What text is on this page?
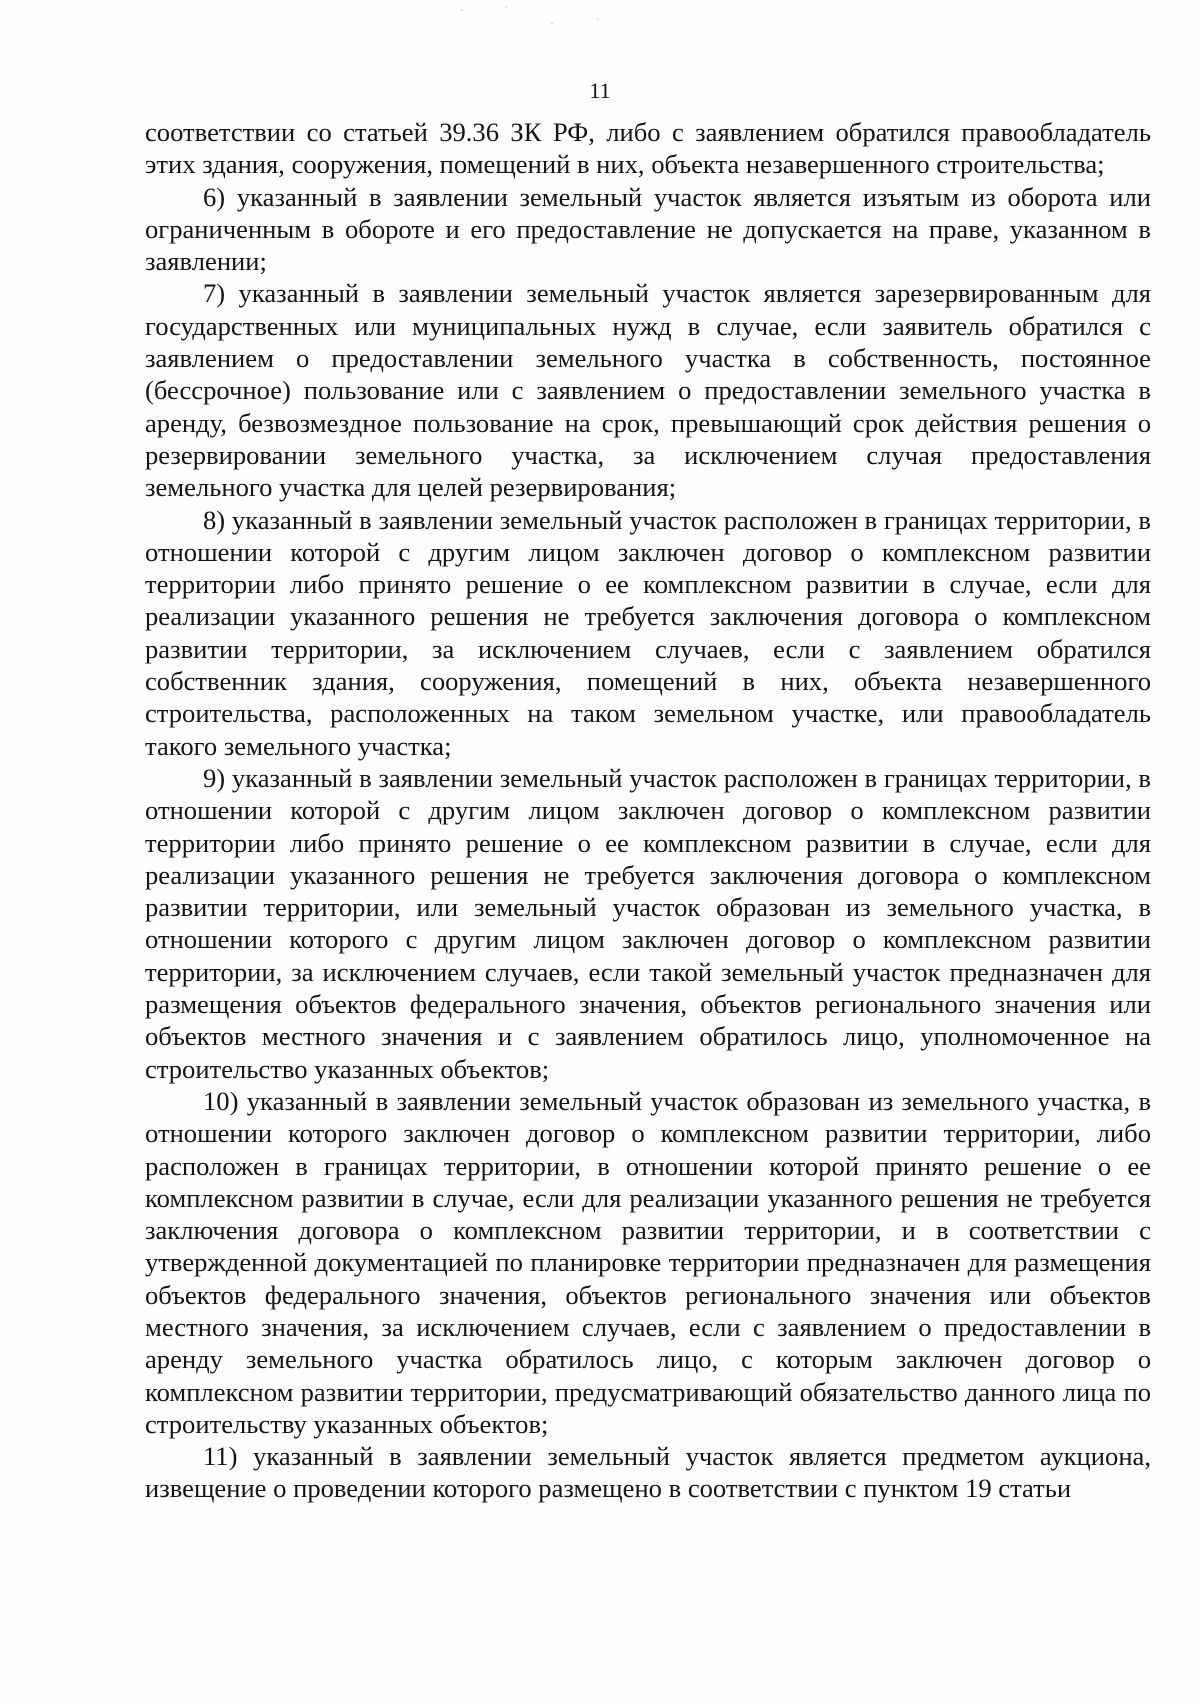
11

соответствии со статьей 39.36 ЗК РФ, либо с заявлением обратился правообладатель этих здания, сооружения, помещений в них, объекта незавершенного строительства;

6) указанный в заявлении земельный участок является изъятым из оборота или ограниченным в обороте и его предоставление не допускается на праве, указанном в заявлении;

7) указанный в заявлении земельный участок является зарезервированным для государственных или муниципальных нужд в случае, если заявитель обратился с заявлением о предоставлении земельного участка в собственность, постоянное (бессрочное) пользование или с заявлением о предоставлении земельного участка в аренду, безвозмездное пользование на срок, превышающий срок действия решения о резервировании земельного участка, за исключением случая предоставления земельного участка для целей резервирования;

8) указанный в заявлении земельный участок расположен в границах территории, в отношении которой с другим лицом заключен договор о комплексном развитии территории либо принято решение о ее комплексном развитии в случае, если для реализации указанного решения не требуется заключения договора о комплексном развитии территории, за исключением случаев, если с заявлением обратился собственник здания, сооружения, помещений в них, объекта незавершенного строительства, расположенных на таком земельном участке, или правообладатель такого земельного участка;

9) указанный в заявлении земельный участок расположен в границах территории, в отношении которой с другим лицом заключен договор о комплексном развитии территории либо принято решение о ее комплексном развитии в случае, если для реализации указанного решения не требуется заключения договора о комплексном развитии территории, или земельный участок образован из земельного участка, в отношении которого с другим лицом заключен договор о комплексном развитии территории, за исключением случаев, если такой земельный участок предназначен для размещения объектов федерального значения, объектов регионального значения или объектов местного значения и с заявлением обратилось лицо, уполномоченное на строительство указанных объектов;

10) указанный в заявлении земельный участок образован из земельного участка, в отношении которого заключен договор о комплексном развитии территории, либо расположен в границах территории, в отношении которой принято решение о ее комплексном развитии в случае, если для реализации указанного решения не требуется заключения договора о комплексном развитии территории, и в соответствии с утвержденной документацией по планировке территории предназначен для размещения объектов федерального значения, объектов регионального значения или объектов местного значения, за исключением случаев, если с заявлением о предоставлении в аренду земельного участка обратилось лицо, с которым заключен договор о комплексном развитии территории, предусматривающий обязательство данного лица по строительству указанных объектов;

11) указанный в заявлении земельный участок является предметом аукциона, извещение о проведении которого размещено в соответствии с пунктом 19 статьи
